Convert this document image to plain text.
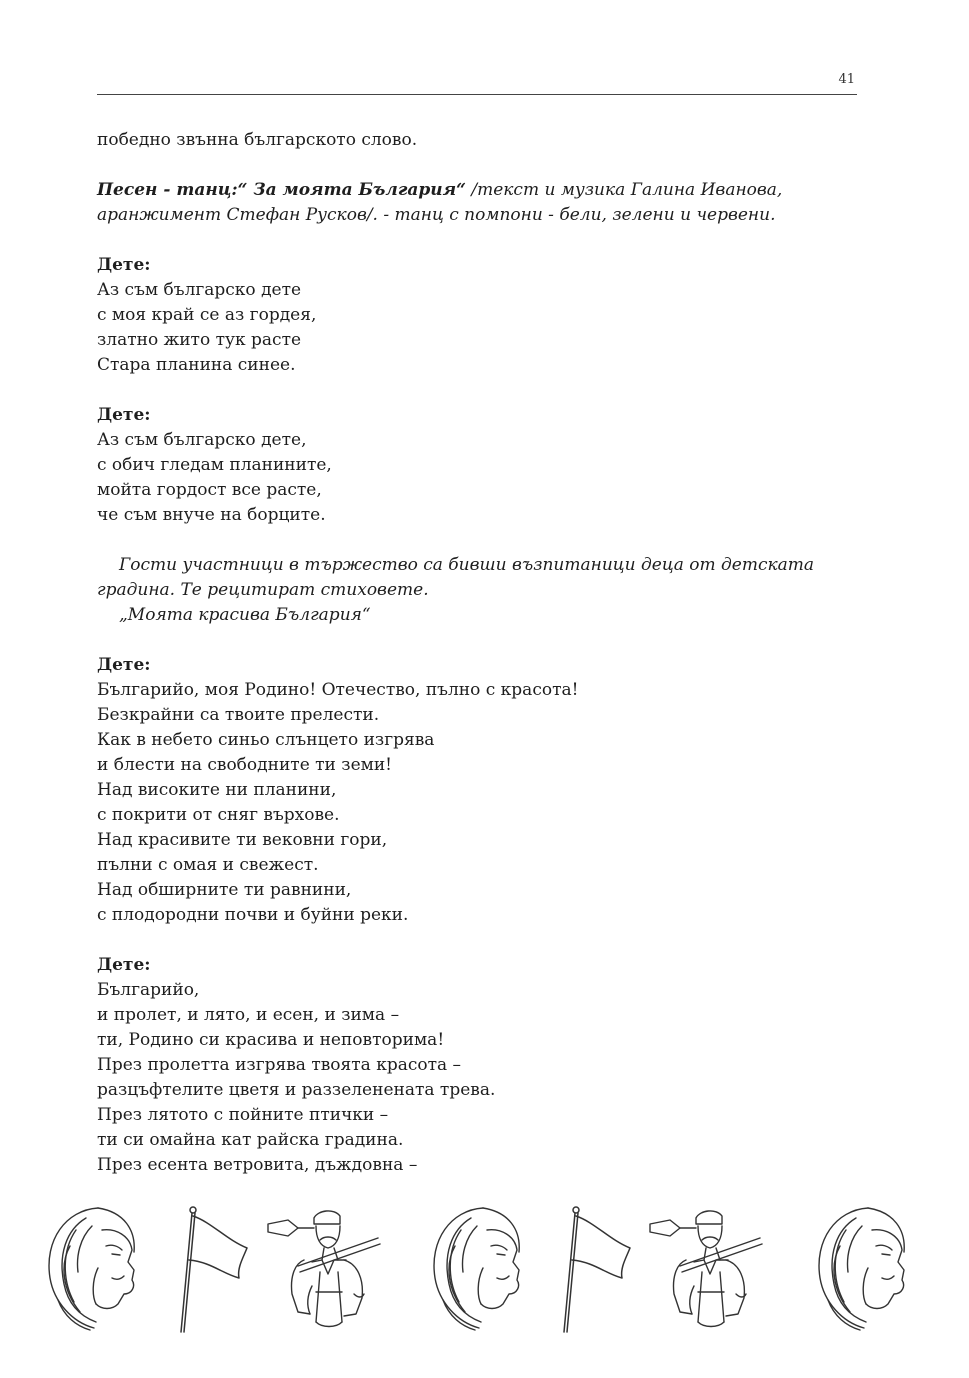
41

победно звънна българското слово.

Песен - танц:“ За моята България“ /текст и музика Галина Иванова,

аранжимент Стефан Русков/. - танц с помпони - бели, зелени и червени.

Дете:

Аз съм българско дете

с моя край се аз гордея,

златно жито тук расте

Стара планина синее.

Дете:

Аз съм българско дете,

с обич гледам планините,

мойта гордост все расте,

че съм внуче на борците.

Гости участници в тържество са бивши възпитаници деца от детската

градина. Те рецитират стиховете.

„Моята красива България“

Дете:

Българийо, моя Родино! Отечество, пълно с красота!

Безкрайни са твоите прелести.

Как в небето синьо слънцето изгрява

и блести на свободните ти земи!

Над високите ни планини,

с покрити от сняг върхове.

Над красивите ти вековни гори,

пълни с омая и свежест.

Над обширните ти равнини,

с плодородни почви и буйни реки.

Дете:

Българийо,

и пролет, и лято, и есен, и зима –

ти, Родино си красива и неповторима!

През пролетта изгрява твоята красота –

разцъфтелите цветя и раззеленената трева.

През лятото с пойните птички –

ти си омайна кат райска градина.

През есента ветровита, дъждовна –
